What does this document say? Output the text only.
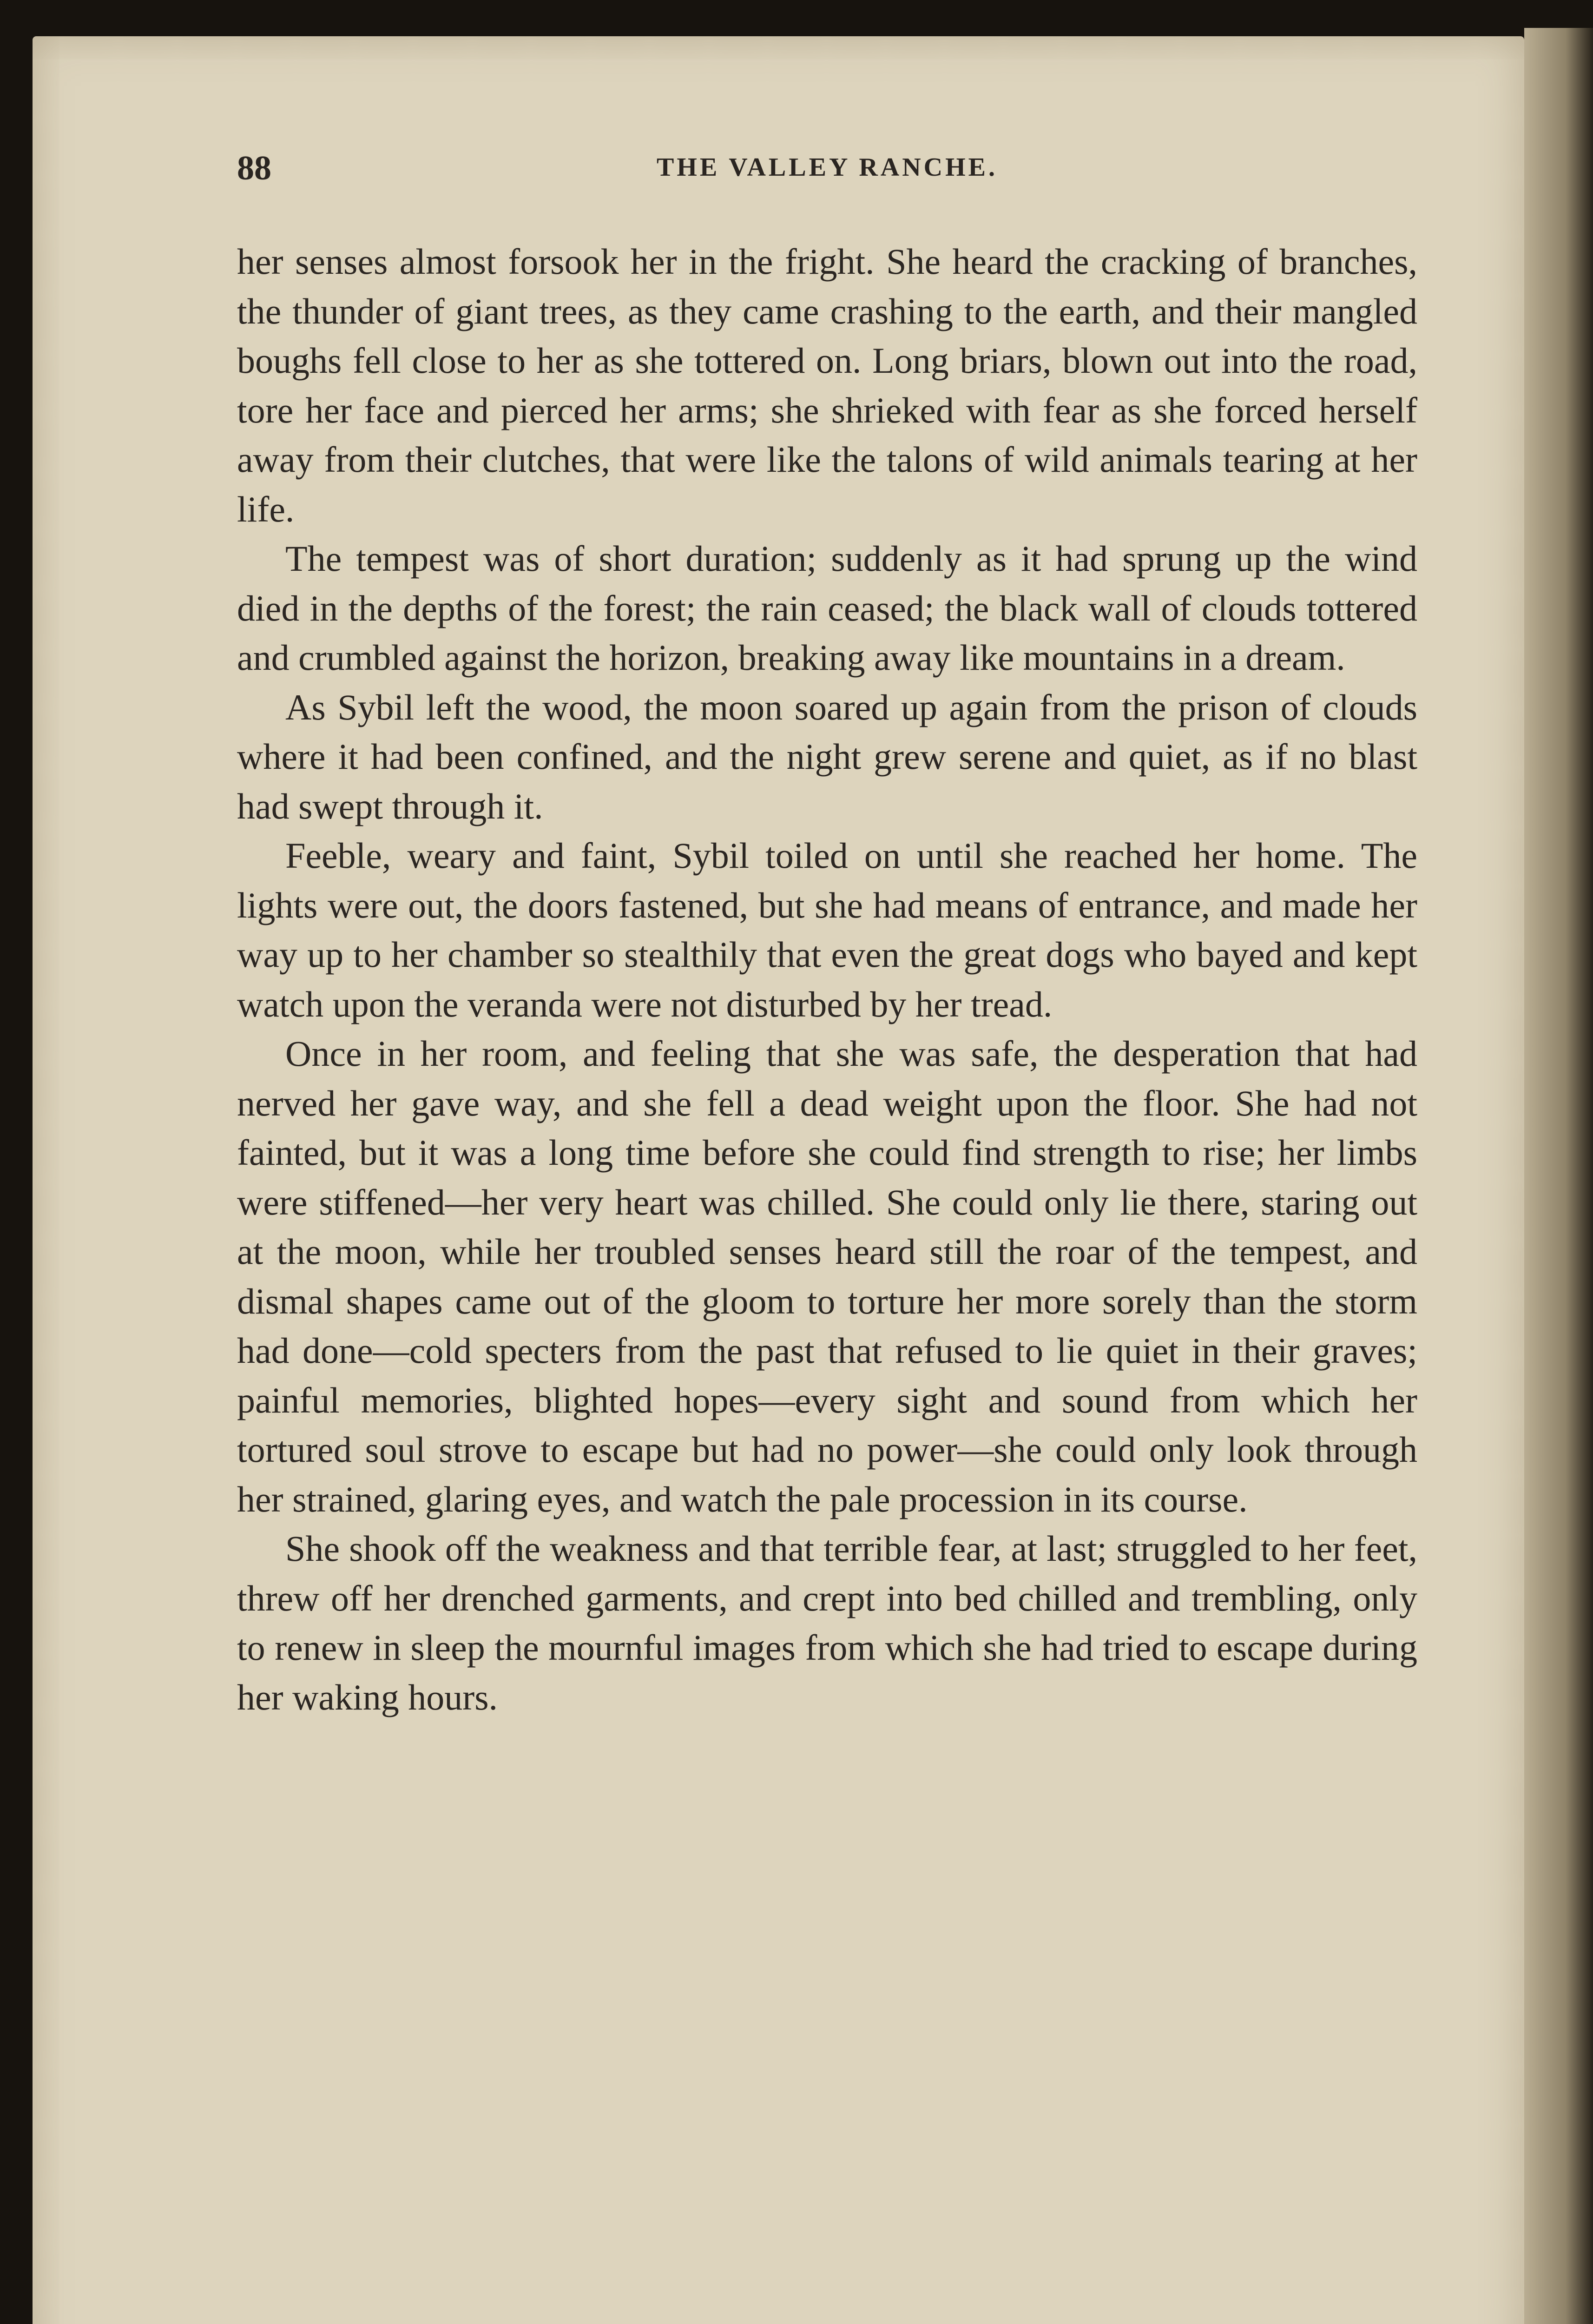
88	THE VALLEY RANCHE.

her senses almost forsook her in the fright. She heard the cracking of branches, the thunder of giant trees, as they came crashing to the earth, and their mangled boughs fell close to her as she tottered on. Long briars, blown out into the road, tore her face and pierced her arms; she shrieked with fear as she forced herself away from their clutches, that were like the talons of wild animals tearing at her life.

The tempest was of short duration; suddenly as it had sprung up the wind died in the depths of the forest; the rain ceased; the black wall of clouds tottered and crumbled against the horizon, breaking away like mountains in a dream.

As Sybil left the wood, the moon soared up again from the prison of clouds where it had been confined, and the night grew serene and quiet, as if no blast had swept through it.

Feeble, weary and faint, Sybil toiled on until she reached her home. The lights were out, the doors fastened, but she had means of entrance, and made her way up to her chamber so stealthily that even the great dogs who bayed and kept watch upon the veranda were not disturbed by her tread.

Once in her room, and feeling that she was safe, the desperation that had nerved her gave way, and she fell a dead weight upon the floor. She had not fainted, but it was a long time before she could find strength to rise; her limbs were stiffened—her very heart was chilled. She could only lie there, staring out at the moon, while her troubled senses heard still the roar of the tempest, and dismal shapes came out of the gloom to torture her more sorely than the storm had done—cold specters from the past that refused to lie quiet in their graves; painful memories, blighted hopes—every sight and sound from which her tortured soul strove to escape but had no power—she could only look through her strained, glaring eyes, and watch the pale procession in its course.

She shook off the weakness and that terrible fear, at last; struggled to her feet, threw off her drenched garments, and crept into bed chilled and trembling, only to renew in sleep the mournful images from which she had tried to escape during her waking hours.
